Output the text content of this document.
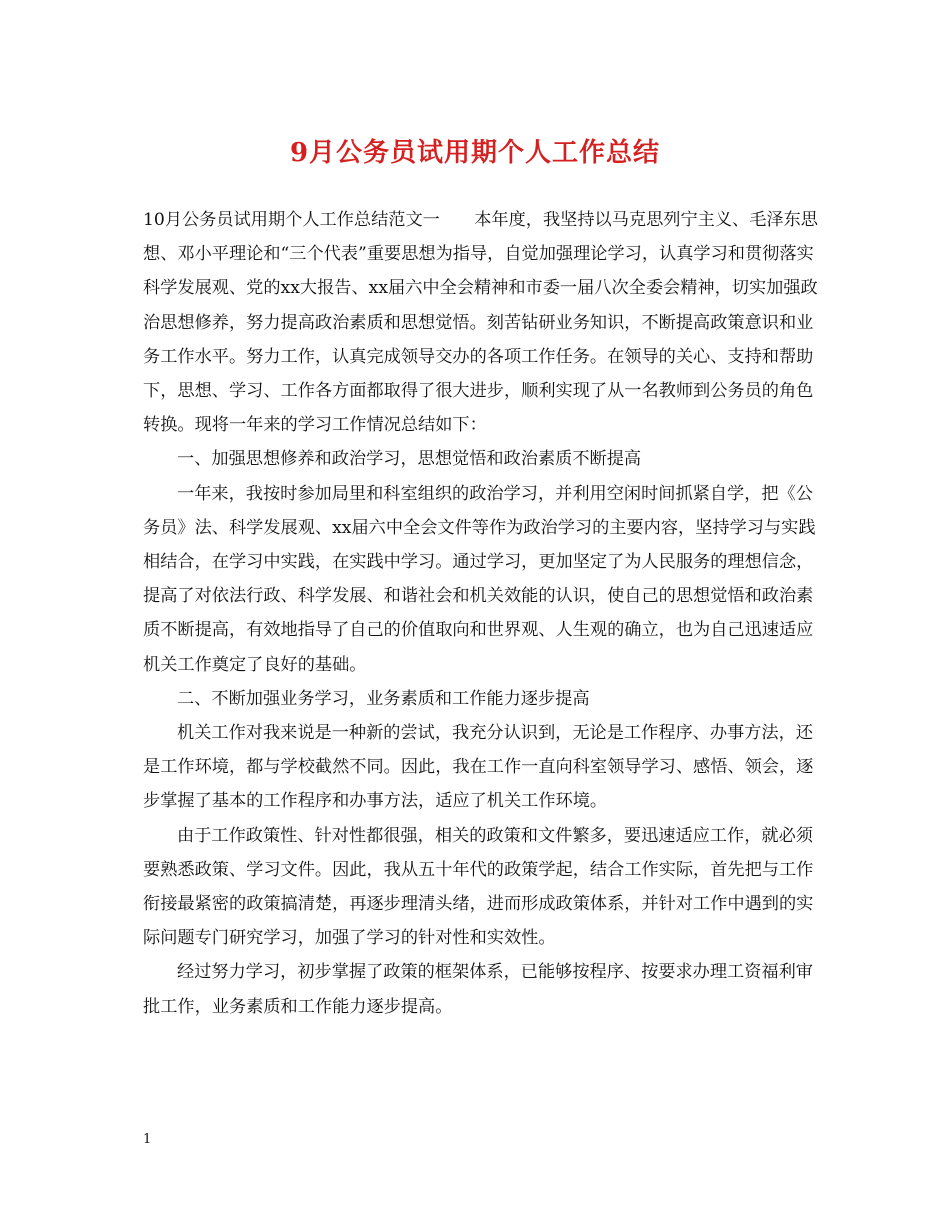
9月公务员试用期个人工作总结

10月公务员试用期个人工作总结范文一　　本年度，我坚持以马克思列宁主义、毛泽东思想、邓小平理论和“三个代表”重要思想为指导，自觉加强理论学习，认真学习和贯彻落实科学发展观、党的xx大报告、xx届六中全会精神和市委一届八次全委会精神，切实加强政治思想修养，努力提高政治素质和思想觉悟。刻苦钻研业务知识，不断提高政策意识和业务工作水平。努力工作，认真完成领导交办的各项工作任务。在领导的关心、支持和帮助下，思想、学习、工作各方面都取得了很大进步，顺利实现了从一名教师到公务员的角色转换。现将一年来的学习工作情况总结如下：

一、加强思想修养和政治学习，思想觉悟和政治素质不断提高

一年来，我按时参加局里和科室组织的政治学习，并利用空闲时间抓紧自学，把《公务员》法、科学发展观、xx届六中全会文件等作为政治学习的主要内容，坚持学习与实践相结合，在学习中实践，在实践中学习。通过学习，更加坚定了为人民服务的理想信念，提高了对依法行政、科学发展、和谐社会和机关效能的认识，使自己的思想觉悟和政治素质不断提高，有效地指导了自己的价值取向和世界观、人生观的确立，也为自己迅速适应机关工作奠定了良好的基础。

二、不断加强业务学习，业务素质和工作能力逐步提高

机关工作对我来说是一种新的尝试，我充分认识到，无论是工作程序、办事方法，还是工作环境，都与学校截然不同。因此，我在工作一直向科室领导学习、感悟、领会，逐步掌握了基本的工作程序和办事方法，适应了机关工作环境。

由于工作政策性、针对性都很强，相关的政策和文件繁多，要迅速适应工作，就必须要熟悉政策、学习文件。因此，我从五十年代的政策学起，结合工作实际，首先把与工作衔接最紧密的政策搞清楚，再逐步理清头绪，进而形成政策体系，并针对工作中遇到的实际问题专门研究学习，加强了学习的针对性和实效性。

经过努力学习，初步掌握了政策的框架体系，已能够按程序、按要求办理工资福利审批工作，业务素质和工作能力逐步提高。

1
